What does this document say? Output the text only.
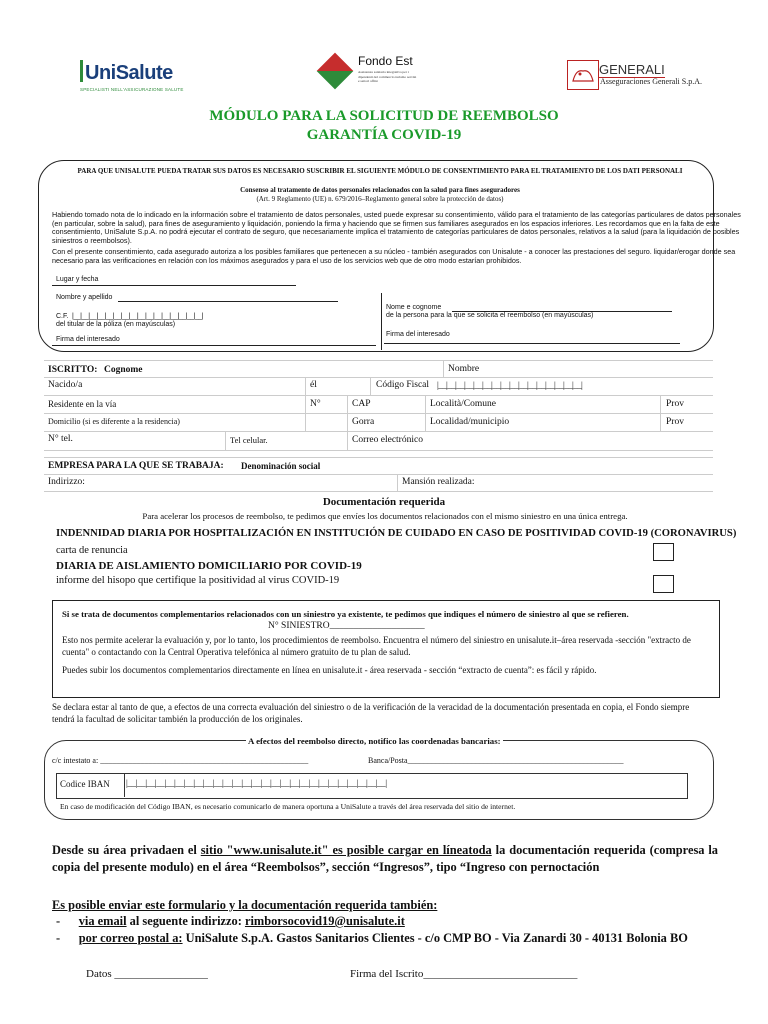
UniSalute
SPECIALISTI NELL'ASSICURAZIONE SALUTE
Fondo Est
Assistenza sanitaria integrativa per i dipendenti del commercio turismo servizi e settori affini
GENERALI
Asseguraciones Generali S.p.A.
MÓDULO PARA LA SOLICITUD DE REEMBOLSO
GARANTÍA COVID-19
PARA QUE UNISALUTE PUEDA TRATAR SUS DATOS ES NECESARIO SUSCRIBIR EL SIGUIENTE MÓDULO DE CONSENTIMIENTO PARA EL TRATAMIENTO DE LOS DATI PERSONALI
Consenso al tratamento de datos personales relacionados con la salud para fines aseguradores
(Art. 9 Reglamento (UE) n. 679/2016–Reglamento general sobre la protección de datos)
Habiendo tomado nota de lo indicado en la información sobre el tratamiento de datos personales, usted puede expresar su consentimiento, válido para el tratamiento de las categorías particulares de datos personales (en particular, sobre la salud), para fines de aseguramiento y liquidación, poniendo la firma y haciendo que se firmen sus familiares asegurados en los espacios inferiores. Les recordamos que en la falta de este consentimiento, UniSalute S.p.A. no podrá ejecutar el contrato de seguro, que necesariamente implica el tratamiento de categorías particulares de datos personales, relativos a la salud (para la liquidación de posibles siniestros o reembolsos).
Con el presente consentimiento, cada asegurado autoriza a los posibles familiares que pertenecen a su núcleo - también asegurados con Unisalute - a conocer las prestaciones del seguro. liquidar/erogar donde sea necesario para las verificaciones en relación con los máximos asegurados y para el uso de los servicios web que de otro modo estarían prohibidos.
Lugar y fecha
Nombre y apellido
C.F. |__|__|__|__|__|__|__|__|__|__|__|__|__|__|__|__|
del titular de la póliza (en mayúsculas)
Firma del interesado
Nome e cognome
de la persona para la que se solicita el reembolso (en mayúsculas)
Firma del interesado
ISCRITTO: Cognome	Nombre
Nacido/a	él	Código Fiscal |__|__|__|__|__|__|__|__|__|__|__|__|__|__|__|__|
Residente en la vía	N°	CAP	Località/Comune	Prov
Domicilio (si es diferente a la residencia)	Gorra	Localidad/municipio	Prov
N° tel.	Tel celular.	Correo electrónico
EMPRESA PARA LA QUE SE TRABAJA: Denominación social
Indirizzo:	Mansión realizada:
Documentación requerida
Para acelerar los procesos de reembolso, te pedimos que envíes los documentos relacionados con el mismo siniestro en una única entrega.
INDENNIDAD DIARIA POR HOSPITALIZACIÓN EN INSTITUCIÓN DE CUIDADO EN CASO DE POSITIVIDAD COVID-19 (CORONAVIRUS)
carta de renuncia
DIARIA DE AISLAMIENTO DOMICILIARIO POR COVID-19
informe del hisopo que certifique la positividad al virus COVID-19
Si se trata de documentos complementarios relacionados con un siniestro ya existente, te pedimos que indiques el número de siniestro al que se refieren.
N° SINIESTRO____________________
Esto nos permite acelerar la evaluación y, por lo tanto, los procedimientos de reembolso. Encuentra el número del siniestro en unisalute.it–área reservada -sección "extracto de cuenta" o contactando con la Central Operativa telefónica al número gratuito de tu plan de salud.
Puedes subir los documentos complementarios directamente en línea en unisalute.it - área reservada - sección “extracto de cuenta”: es fácil y rápido.
Se declara estar al tanto de que, a efectos de una correcta evaluación del siniestro o de la verificación de la veracidad de la documentación presentada en copia, el Fondo siempre tendrá la facultad de solicitar también la producción de los originales.
A efectos del reembolso directo, notifico las coordenadas bancarias:
c/c intestato a: ____________________________________________________	Banca/Posta______________________________________________________
Codice IBAN |__|__|__|__|__|__|__|__|__|__|__|__|__|__|__|__|__|__|__|__|__|__|__|__|__|__|__|
En caso de modificación del Código IBAN, es necesario comunicarlo de manera oportuna a UniSalute a través del área reservada del sitio de internet.
Desde su área privadaen el sitio "www.unisalute.it" es posible cargar en líneatoda la documentación requerida (compresa la copia del presente modulo) en el área “Reembolsos”, sección “Ingresos”, tipo “Ingreso con pernoctación
Es posible enviar este formulario y la documentación requerida también:
-      via email al seguente indirizzo: rimborsocovid19@unisalute.it
-      por correo postal a: UniSalute S.p.A. Gastos Sanitarios Clientes - c/o CMP BO - Via Zanardi 30 - 40131 Bolonia BO
Datos _________________	Firma del Iscrito____________________________
